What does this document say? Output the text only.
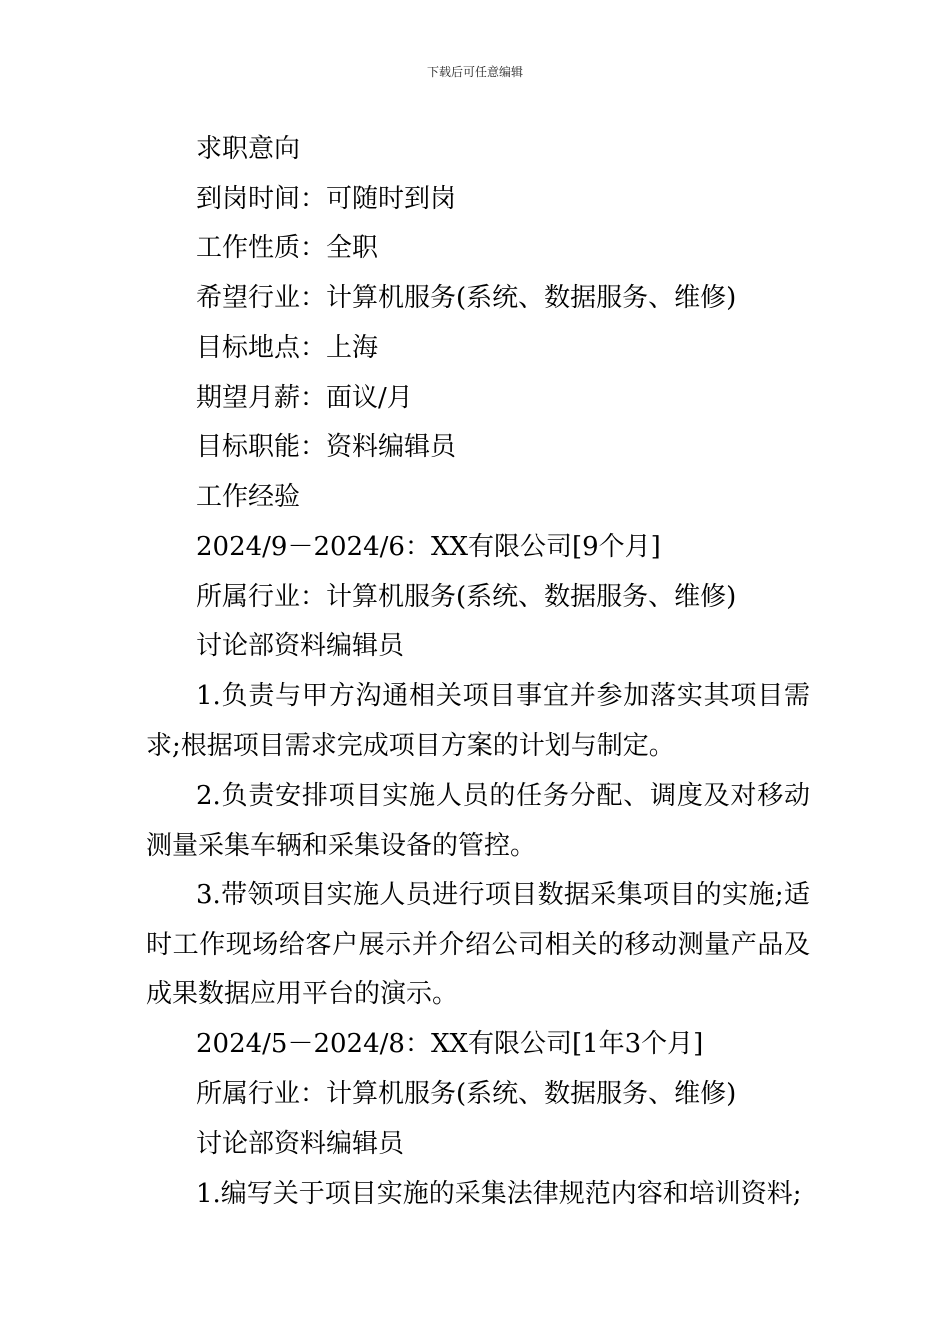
下载后可任意编辑
求职意向
到岗时间：可随时到岗
工作性质：全职
希望行业：计算机服务(系统、数据服务、维修)
目标地点：上海
期望月薪：面议/月
目标职能：资料编辑员
工作经验
2024/9－2024/6：XX有限公司[9个月]
所属行业：计算机服务(系统、数据服务、维修)
讨论部资料编辑员

1.负责与甲方沟通相关项目事宜并参加落实其项目需求;根据项目需求完成项目方案的计划与制定。

2.负责安排项目实施人员的任务分配、调度及对移动测量采集车辆和采集设备的管控。

3.带领项目实施人员进行项目数据采集项目的实施;适时工作现场给客户展示并介绍公司相关的移动测量产品及成果数据应用平台的演示。

2024/5－2024/8：XX有限公司[1年3个月]
所属行业：计算机服务(系统、数据服务、维修)
讨论部资料编辑员

1.编写关于项目实施的采集法律规范内容和培训资料;
